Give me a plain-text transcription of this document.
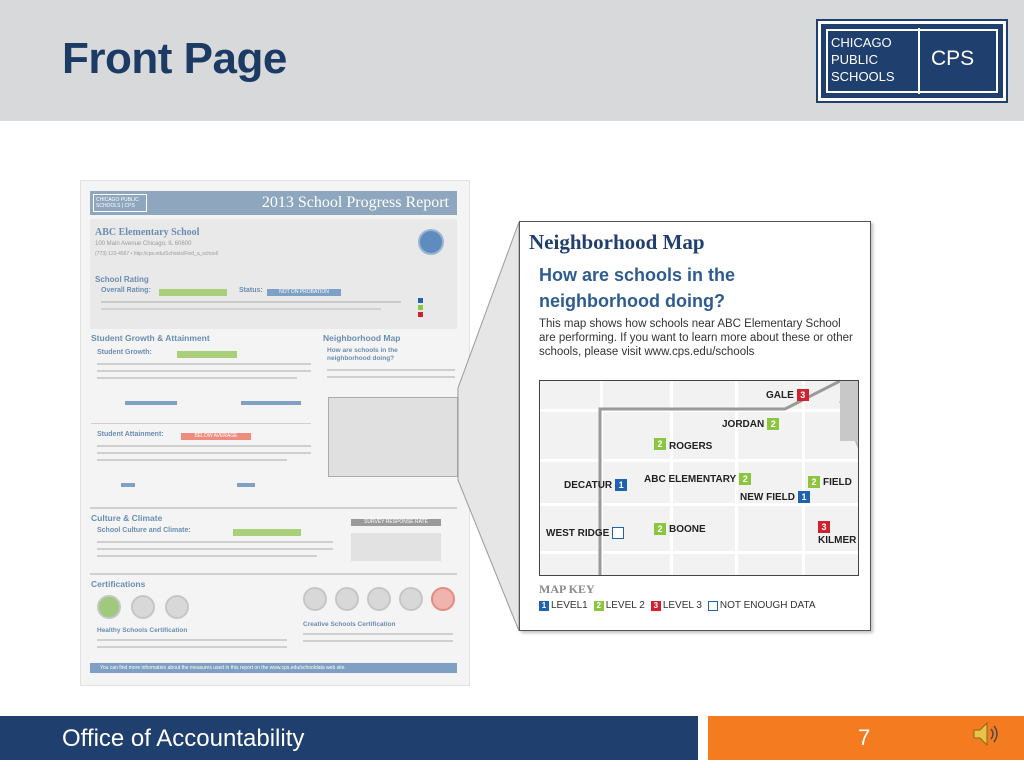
Front Page	CHICAGO
PUBLIC
SCHOOLS
CPS
CHICAGO PUBLIC SCHOOLS | CPS	2013 School Progress Report
ABC Elementary School
100 Main Avenue Chicago, IL 60600
(773) 123-4567 • http://cps.edu/Schools/Find_a_school/
School Rating
Overall Rating:	Status:	NOT ON PROBATION
Student Growth & Attainment
Student Growth:
Student Attainment:	BELOW AVERAGE
Neighborhood Map
How are schools in the neighborhood doing?
Culture & Climate
School Culture and Climate:
SURVEY RESPONSE RATE
Certifications
Healthy Schools Certification
Creative Schools Certification
You can find more information about the measures used in this report on the www.cps.edu/schooldata web site.
Neighborhood Map
How are schools in the neighborhood doing?
This map shows how schools near ABC Elementary School are performing. If you want to learn more about these or other schools, please visit www.cps.edu/schools
GALE 3
JORDAN 2
2 ROGERS
ABC ELEMENTARY 2
DECATUR 1	2 FIELD
NEW FIELD 1
WEST RIDGE	2 BOONE	3
KILMER
MAP KEY
1 LEVEL1	2 LEVEL 2	3 LEVEL 3 NOT ENOUGH DATA
Office of Accountability	7
